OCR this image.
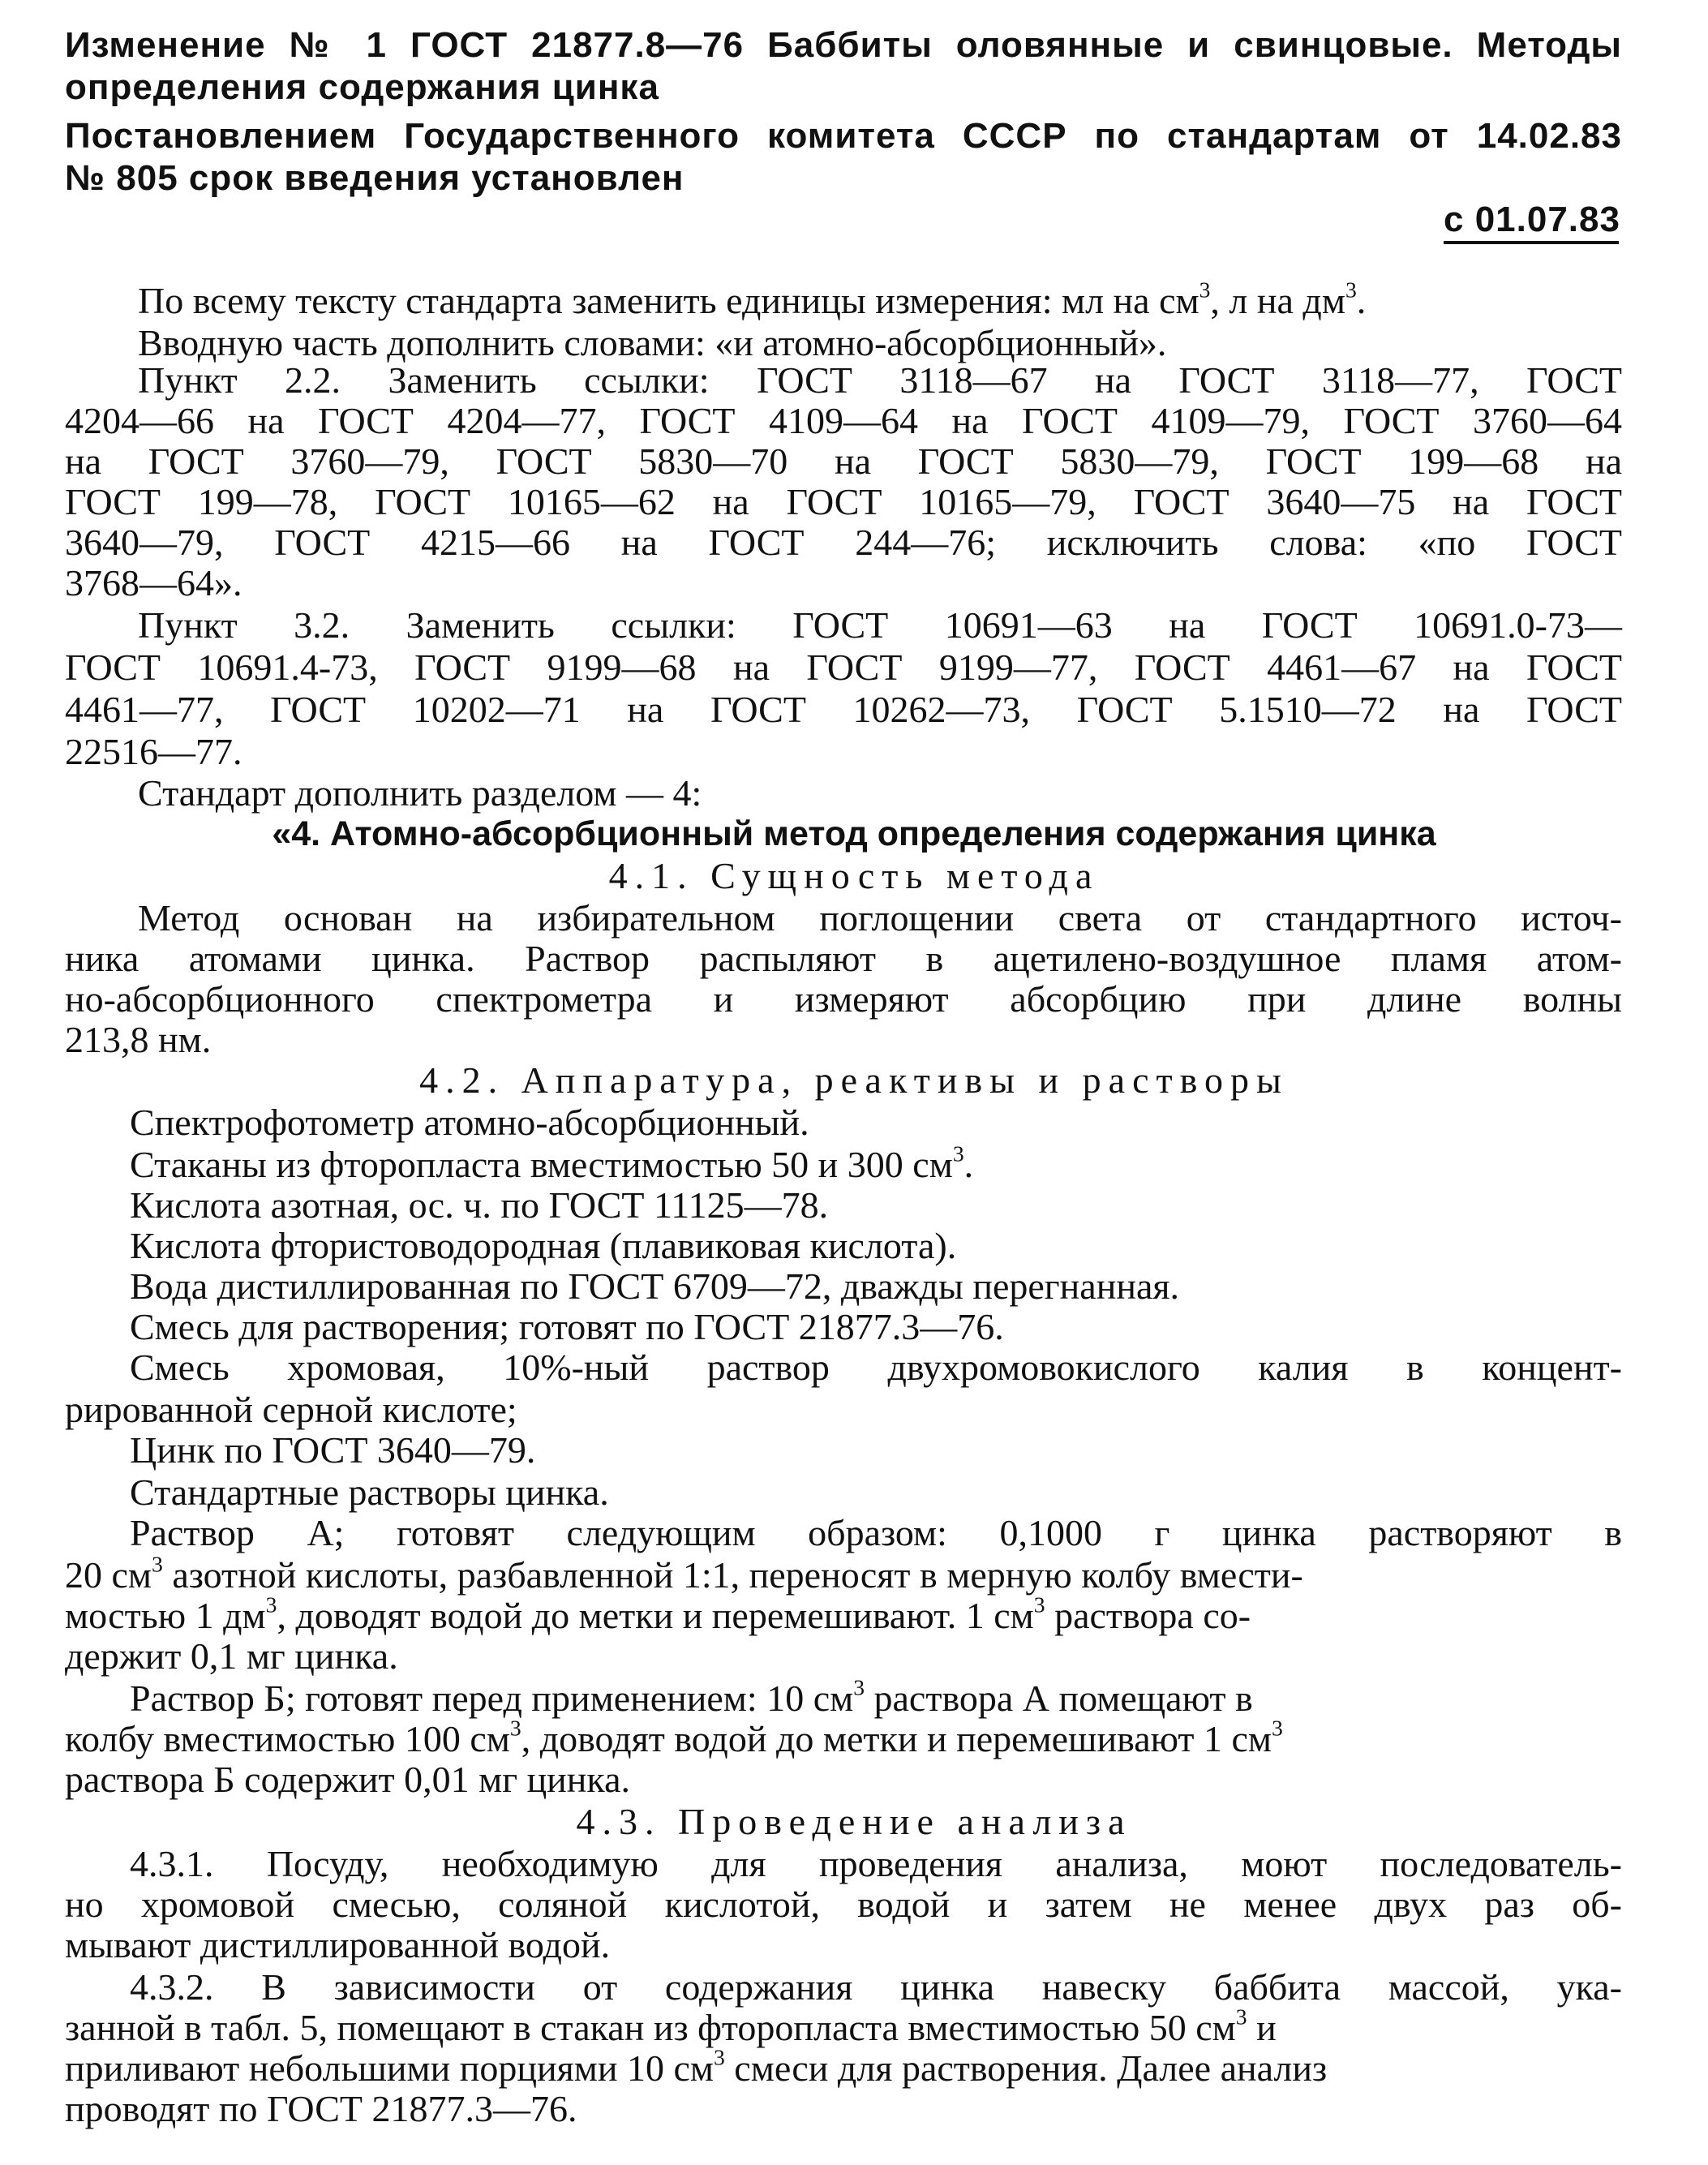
Изменение № 1 ГОСТ 21877.8—76 Баббиты оловянные и свинцовые. Методы
определения содержания цинка
Постановлением Государственного комитета СССР по стандартам от 14.02.83
№ 805 срок введения установлен
с 01.07.83
По всему тексту стандарта заменить единицы измерения: мл на $см^3$, л на $дм^3$.
Вводную часть дополнить словами: «и атомно-абсорбционный».
Пункт 2.2. Заменить ссылки: ГОСТ 3118—67 на ГОСТ 3118—77, ГОСТ
4204—66 на ГОСТ 4204—77, ГОСТ 4109—64 на ГОСТ 4109—79, ГОСТ 3760—64
на ГОСТ 3760—79, ГОСТ 5830—70 на ГОСТ 5830—79, ГОСТ 199—68 на
ГОСТ 199—78, ГОСТ 10165—62 на ГОСТ 10165—79, ГОСТ 3640—75 на ГОСТ
3640—79, ГОСТ 4215—66 на ГОСТ 244—76; исключить слова: «по ГОСТ
3768—64».
Пункт 3.2. Заменить ссылки: ГОСТ 10691—63 на ГОСТ 10691.0-73—
ГОСТ 10691.4-73, ГОСТ 9199—68 на ГОСТ 9199—77, ГОСТ 4461—67 на ГОСТ
4461—77, ГОСТ 10202—71 на ГОСТ 10262—73, ГОСТ 5.1510—72 на ГОСТ
22516—77.
Стандарт дополнить разделом — 4:
«4. Атомно-абсорбционный метод определения содержания цинка
4.1. Сущность метода
Метод основан на избирательном поглощении света от стандартного источ-
ника атомами цинка. Раствор распыляют в ацетилено-воздушное пламя атом-
но-абсорбционного спектрометра и измеряют абсорбцию при длине волны
213,8 нм.
4.2. Аппаратура, реактивы и растворы
Спектрофотометр атомно-абсорбционный.
Стаканы из фторопласта вместимостью 50 и 300 $см^3$.
Кислота азотная, ос. ч. по ГОСТ 11125—78.
Кислота фтористоводородная (плавиковая кислота).
Вода дистиллированная по ГОСТ 6709—72, дважды перегнанная.
Смесь для растворения; готовят по ГОСТ 21877.3—76.
Смесь хромовая, 10%-ный раствор двухромовокислого калия в концент-
рированной серной кислоте;
Цинк по ГОСТ 3640—79.
Стандартные растворы цинка.
Раствор А; готовят следующим образом: 0,1000 г цинка растворяют в
20 $см^3$ азотной кислоты, разбавленной 1:1, переносят в мерную колбу вмести-
мостью 1 $дм^3$, доводят водой до метки и перемешивают. 1 $см^3$ раствора со-
держит 0,1 мг цинка.
Раствор Б; готовят перед применением: 10 $см^3$ раствора А помещают в
колбу вместимостью 100 $см^3$, доводят водой до метки и перемешивают 1 $см^3$
раствора Б содержит 0,01 мг цинка.
4.3. Проведение анализа
4.3.1. Посуду, необходимую для проведения анализа, моют последователь-
но хромовой смесью, соляной кислотой, водой и затем не менее двух раз об-
мывают дистиллированной водой.
4.3.2. В зависимости от содержания цинка навеску баббита массой, ука-
занной в табл. 5, помещают в стакан из фторопласта вместимостью 50 $см^3$ и
приливают небольшими порциями 10 $см^3$ смеси для растворения. Далее анализ
проводят по ГОСТ 21877.3—76.
